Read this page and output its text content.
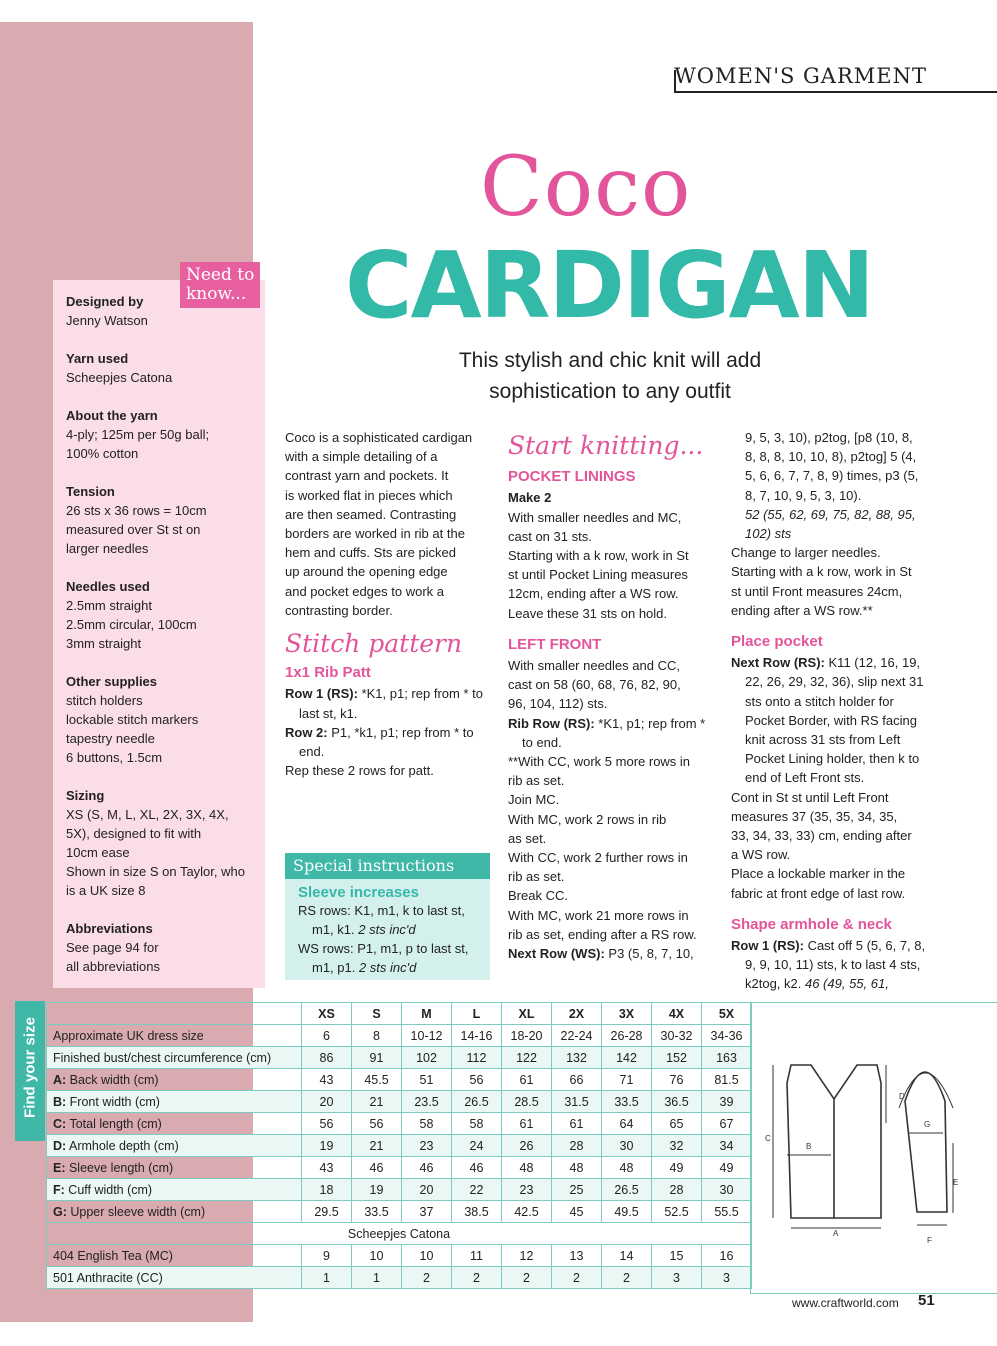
WOMEN'S GARMENT
Coco
CARDIGAN
This stylish and chic knit will add
sophistication to any outfit
Need to
know...
Designed by
Jenny Watson
Yarn used
Scheepjes Catona
About the yarn
4-ply; 125m per 50g ball;
100% cotton
Tension
26 sts x 36 rows = 10cm
measured over St st on
larger needles
Needles used
2.5mm straight
2.5mm circular, 100cm
3mm straight
Other supplies
stitch holders
lockable stitch markers
tapestry needle
6 buttons, 1.5cm
Sizing
XS (S, M, L, XL, 2X, 3X, 4X,
5X), designed to fit with
10cm ease
Shown in size S on Taylor, who
is a UK size 8
Abbreviations
See page 94 for
all abbreviations

Coco is a sophisticated cardigan

with a simple detailing of a

contrast yarn and pockets. It

is worked flat in pieces which

are then seamed. Contrasting

borders are worked in rib at the

hem and cuffs. Sts are picked

up around the opening edge

and pocket edges to work a

contrasting border.

Stitch pattern
1x1 Rib Patt

Row 1 (RS): *K1, p1; rep from * to last st, k1.

Row 2: P1, *k1, p1; rep from * to end.

Rep these 2 rows for patt.

Special instructions
Sleeve increases
RS rows: K1, m1, k to last st, m1, k1. 2 sts inc'd
WS rows: P1, m1, p to last st, m1, p1. 2 sts inc'd
Start knitting...
POCKET LININGS

Make 2

With smaller needles and MC,

cast on 31 sts.

Starting with a k row, work in St

st until Pocket Lining measures

12cm, ending after a WS row.

Leave these 31 sts on hold.

LEFT FRONT

With smaller needles and CC,

cast on 58 (60, 68, 76, 82, 90,

96, 104, 112) sts.

Rib Row (RS): *K1, p1; rep from * to end.

**With CC, work 5 more rows in

rib as set.

Join MC.

With MC, work 2 rows in rib

as set.

With CC, work 2 further rows in

rib as set.

Break CC.

With MC, work 21 more rows in

rib as set, ending after a RS row.

Next Row (WS): P3 (5, 8, 7, 10,

9, 5, 3, 10), p2tog, [p8 (10, 8,

8, 8, 8, 10, 10, 8), p2tog] 5 (4,

5, 6, 6, 7, 7, 8, 9) times, p3 (5,

8, 7, 10, 9, 5, 3, 10).

52 (55, 62, 69, 75, 82, 88, 95, 102) sts

Change to larger needles.

Starting with a k row, work in St

st until Front measures 24cm,

ending after a WS row.**

Place pocket

Next Row (RS): K11 (12, 16, 19, 22, 26, 29, 32, 36), slip next 31 sts onto a stitch holder for Pocket Border, with RS facing knit across 31 sts from Left Pocket Lining holder, then k to end of Left Front sts.

Cont in St st until Left Front

measures 37 (35, 35, 34, 35,

33, 34, 33, 33) cm, ending after

a WS row.

Place a lockable marker in the

fabric at front edge of last row.

Shape armhole & neck

Row 1 (RS): Cast off 5 (5, 6, 7, 8, 9, 9, 10, 11) sts, k to last 4 sts, k2tog, k2. 46 (49, 55, 61,

Find your size
	XS	S	M	L	XL	2X	3X	4X	5X
Approximate UK dress size	6	8	10-12	14-16	18-20	22-24	26-28	30-32	34-36
Finished bust/chest circumference (cm)	86	91	102	112	122	132	142	152	163
A: Back width (cm)	43	45.5	51	56	61	66	71	76	81.5
B: Front width (cm)	20	21	23.5	26.5	28.5	31.5	33.5	36.5	39
C: Total length (cm)	56	56	58	58	61	61	64	65	67
D: Armhole depth (cm)	19	21	23	24	26	28	30	32	34
E: Sleeve length (cm)	43	46	46	46	48	48	48	49	49
F: Cuff width (cm)	18	19	20	22	23	25	26.5	28	30
G: Upper sleeve width (cm)	29.5	33.5	37	38.5	42.5	45	49.5	52.5	55.5
Scheepjes Catona									
404 English Tea (MC)	9	10	10	11	12	13	14	15	16
501 Anthracite (CC)	1	1	2	2	2	2	2	3	3
C
B
A
D
G
E
F
www.craftworld.com 51
